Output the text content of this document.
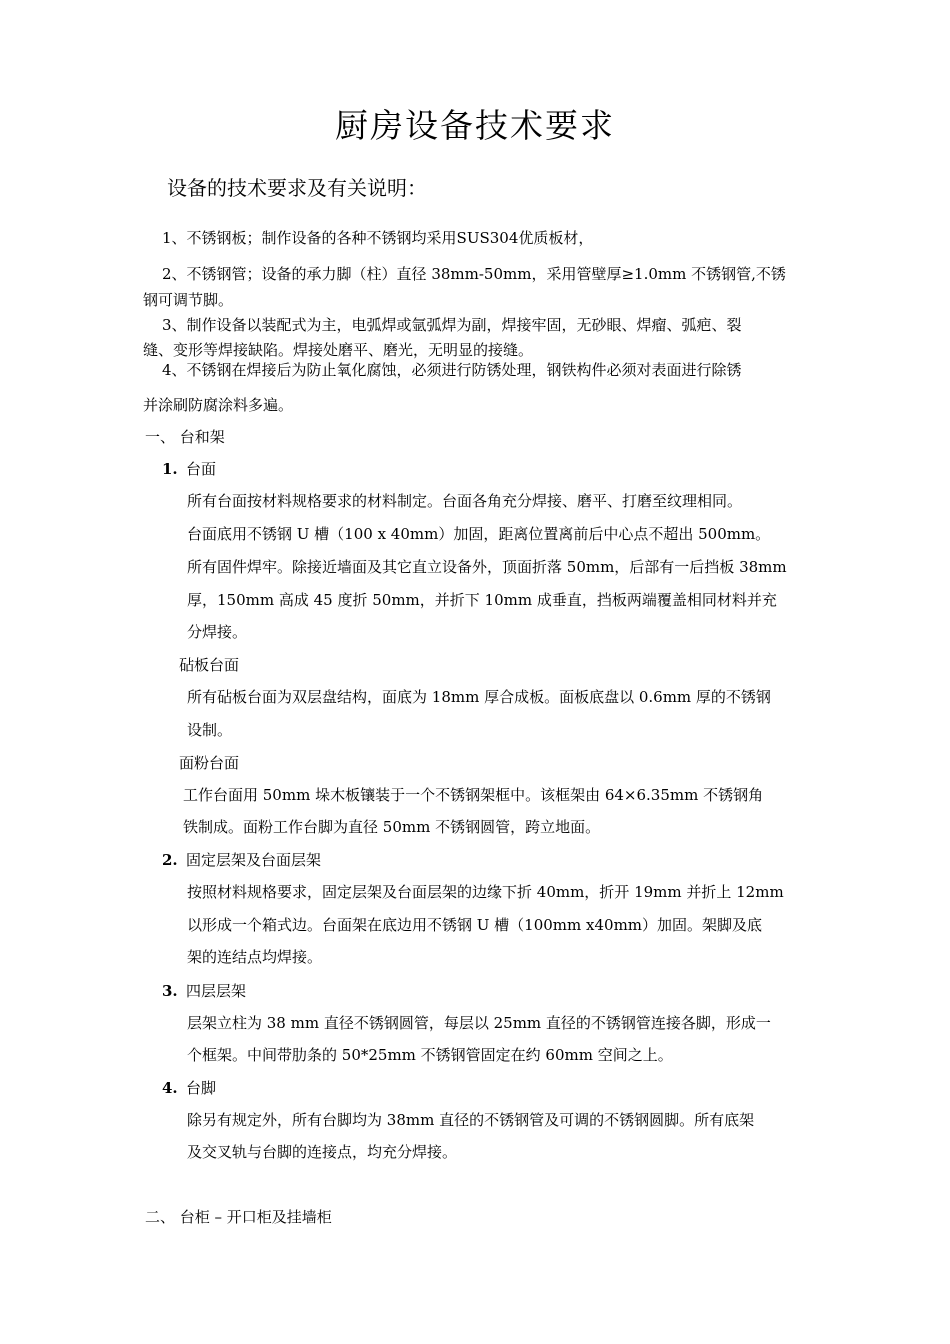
厨房设备技术要求
设备的技术要求及有关说明：
1、不锈钢板；制作设备的各种不锈钢均采用SUS304优质板材，
2、不锈钢管；设备的承力脚（柱）直径 38mm-50mm，采用管壁厚≥1.0mm 不锈钢管,不锈
钢可调节脚。
3、制作设备以装配式为主，电弧焊或氩弧焊为副，焊接牢固，无砂眼、焊瘤、弧疤、裂
缝、变形等焊接缺陷。焊接处磨平、磨光，无明显的接缝。
4、不锈钢在焊接后为防止氧化腐蚀，必须进行防锈处理，钢铁构件必须对表面进行除锈
并涂刷防腐涂料多遍。
一、 台和架
1. 台面
所有台面按材料规格要求的材料制定。台面各角充分焊接、磨平、打磨至纹理相同。
台面底用不锈钢 U 槽（100 x 40mm）加固，距离位置离前后中心点不超出 500mm。
所有固件焊牢。除接近墙面及其它直立设备外，顶面折落 50mm，后部有一后挡板 38mm
厚，150mm 高成 45 度折 50mm，并折下 10mm 成垂直，挡板两端覆盖相同材料并充
分焊接。
砧板台面
所有砧板台面为双层盘结构，面底为 18mm 厚合成板。面板底盘以 0.6mm 厚的不锈钢
设制。
面粉台面
工作台面用 50mm 垛木板镶装于一个不锈钢架框中。该框架由 64×6.35mm 不锈钢角
铁制成。面粉工作台脚为直径 50mm 不锈钢圆管，跨立地面。
2. 固定层架及台面层架
按照材料规格要求，固定层架及台面层架的边缘下折 40mm，折开 19mm 并折上 12mm
以形成一个箱式边。台面架在底边用不锈钢 U 槽（100mm x40mm）加固。架脚及底
架的连结点均焊接。
3. 四层层架
层架立柱为 38 mm 直径不锈钢圆管，每层以 25mm 直径的不锈钢管连接各脚，形成一
个框架。中间带肋条的 50*25mm 不锈钢管固定在约 60mm 空间之上。
4. 台脚
除另有规定外，所有台脚均为 38mm 直径的不锈钢管及可调的不锈钢圆脚。所有底架
及交叉轨与台脚的连接点，均充分焊接。
二、 台柜 – 开口柜及挂墙柜
